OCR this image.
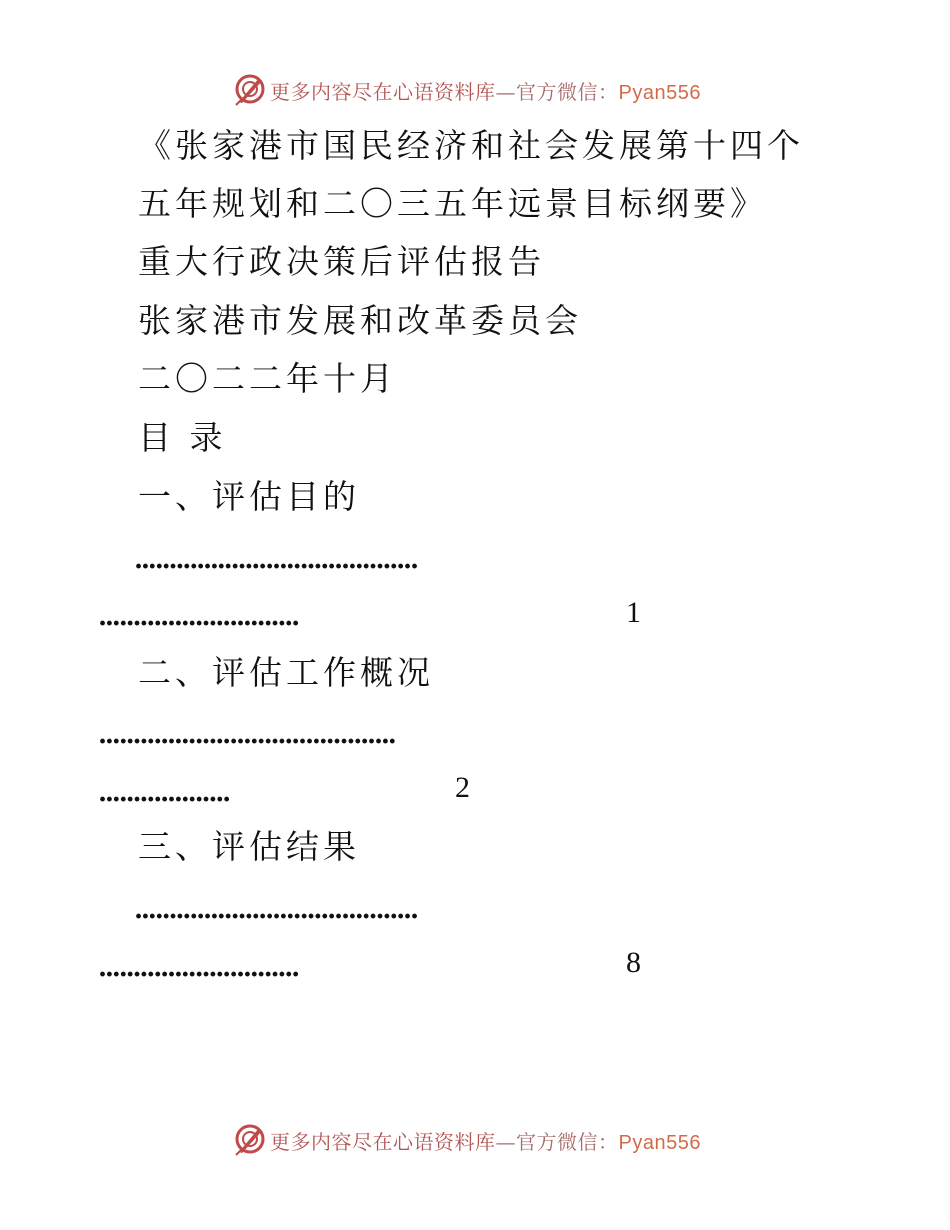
更多内容尽在心语资料库—官方微信：Pyan556
《张家港市国民经济和社会发展第十四个
五年规划和二〇三五年远景目标纲要》
重大行政决策后评估报告
张家港市发展和改革委员会
二〇二二年十月
目 录
一、评估目的
.........................................
.............................	1
二、评估工作概况
...........................................
...................	2
三、评估结果
.........................................
.............................	8
更多内容尽在心语资料库—官方微信：Pyan556
